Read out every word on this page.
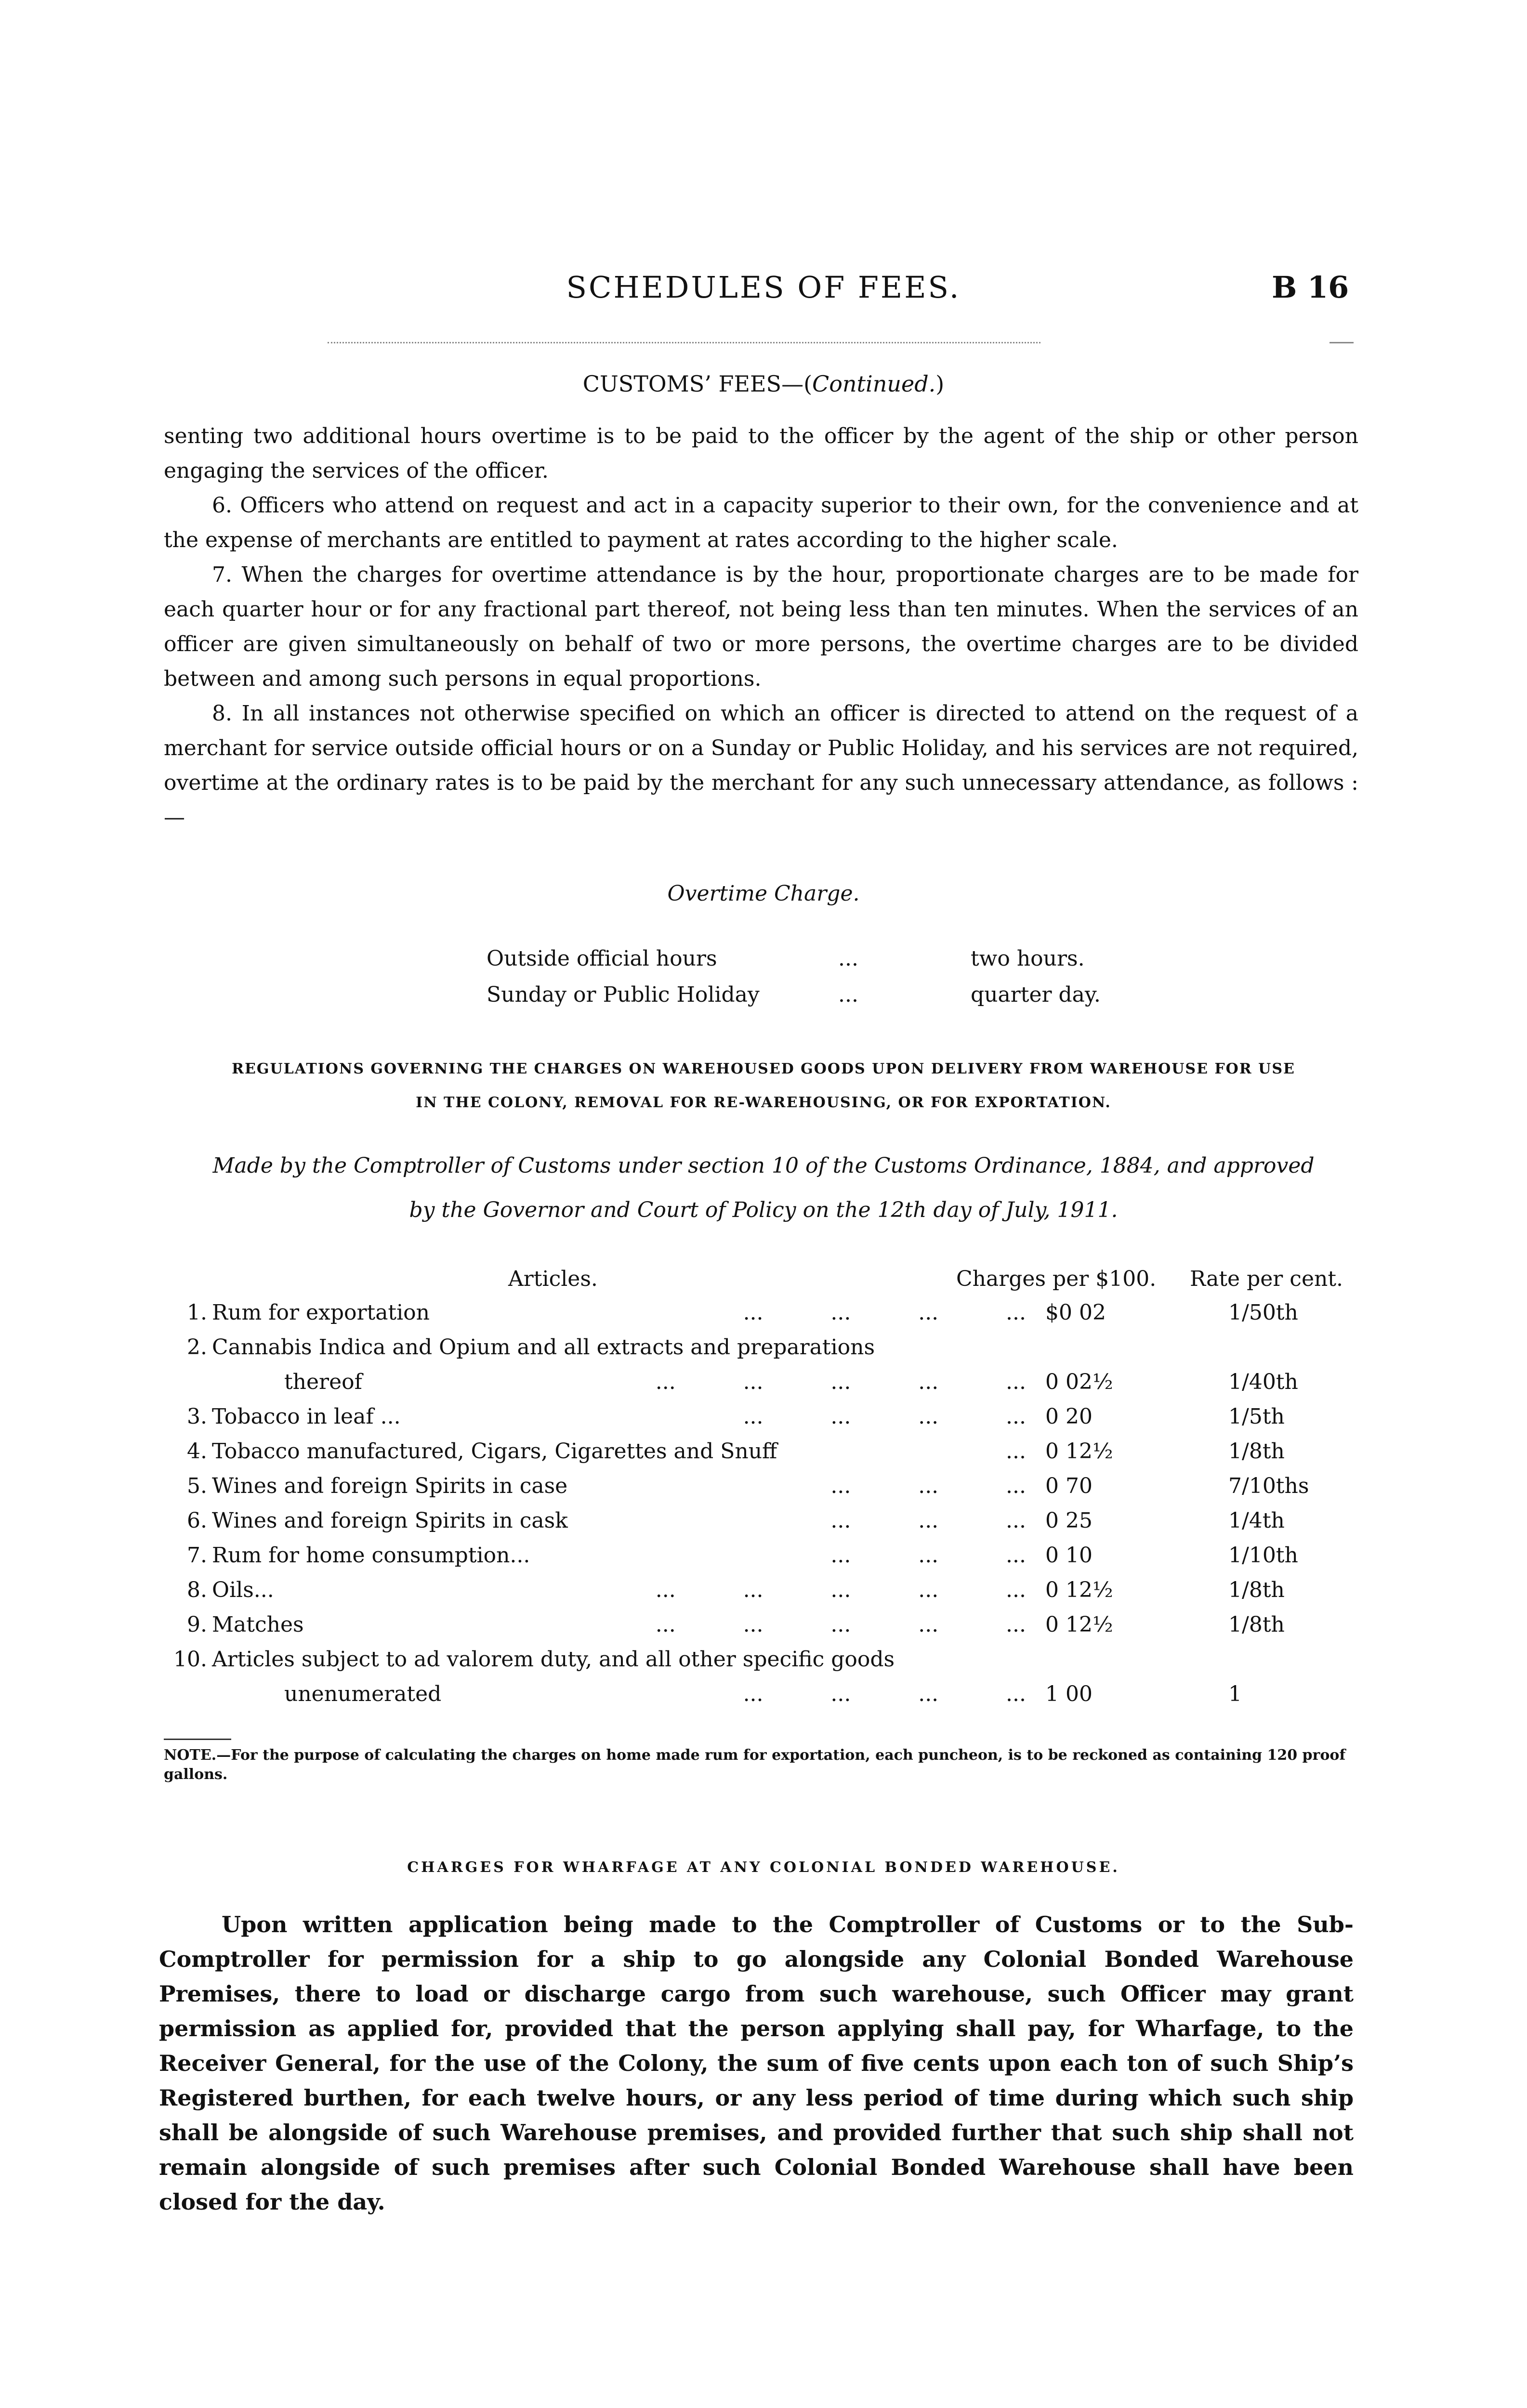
SCHEDULES OF FEES.	B 16
CUSTOMS’ FEES—(Continued.)

senting two additional hours overtime is to be paid to the officer by the agent of the ship or other person engaging the services of the officer.

6. Officers who attend on request and act in a capacity superior to their own, for the convenience and at the expense of merchants are entitled to payment at rates according to the higher scale.

7. When the charges for overtime attendance is by the hour, proportionate charges are to be made for each quarter hour or for any fractional part thereof, not being less than ten minutes. When the services of an officer are given simultaneously on behalf of two or more persons, the overtime charges are to be divided between and among such persons in equal proportions.

8. In all instances not otherwise specified on which an officer is directed to attend on the request of a merchant for service outside official hours or on a Sunday or Public Holiday, and his services are not required, overtime at the ordinary rates is to be paid by the merchant for any such unnecessary attendance, as follows :—

Overtime Charge.
Outside official hours	...	two hours.
Sunday or Public Holiday	...	quarter day.
REGULATIONS GOVERNING THE CHARGES ON WAREHOUSED GOODS UPON DELIVERY FROM WAREHOUSE FOR USE
IN THE COLONY, REMOVAL FOR RE-WAREHOUSING, OR FOR EXPORTATION.
Made by the Comptroller of Customs under section 10 of the Customs Ordinance, 1884, and approved
by the Governor and Court of Policy on the 12th day of July, 1911.
Articles.	Charges per $100. Rate per cent.
1. Rum for exportation	...          ...          ...          ... $0 02	1/50th
2. Cannabis Indica and Opium and all extracts and preparations
thereof	...          ...          ...          ...          ... 0 02½	1/40th
3. Tobacco in leaf ...	...          ...          ...          ... 0 20	1/5th
4. Tobacco manufactured, Cigars, Cigarettes and Snuff	... 0 12½	1/8th
5. Wines and foreign Spirits in case	...          ...          ... 0 70	7/10ths
6. Wines and foreign Spirits in cask	...          ...          ... 0 25	1/4th
7. Rum for home consumption...	...          ...          ... 0 10	1/10th
8. Oils...	...          ...          ...          ...          ... 0 12½	1/8th
9. Matches	...          ...          ...          ...          ... 0 12½	1/8th
10. Articles subject to ad valorem duty, and all other specific goods
unenumerated	...          ...          ...          ... 1 00	1
NOTE.—For the purpose of calculating the charges on home made rum for exportation, each puncheon, is to be reckoned as containing 120 proof gallons.
CHARGES FOR WHARFAGE AT ANY COLONIAL BONDED WAREHOUSE.
Upon written application being made to the Comptroller of Customs or to the Sub-Comptroller for permission for a ship to go alongside any Colonial Bonded Warehouse Premises, there to load or discharge cargo from such warehouse, such Officer may grant permission as applied for, provided that the person applying shall pay, for Wharfage, to the Receiver General, for the use of the Colony, the sum of five cents upon each ton of such Ship’s Registered burthen, for each twelve hours, or any less period of time during which such ship shall be alongside of such Warehouse premises, and provided further that such ship shall not remain alongside of such premises after such Colonial Bonded Warehouse shall have been closed for the day.
